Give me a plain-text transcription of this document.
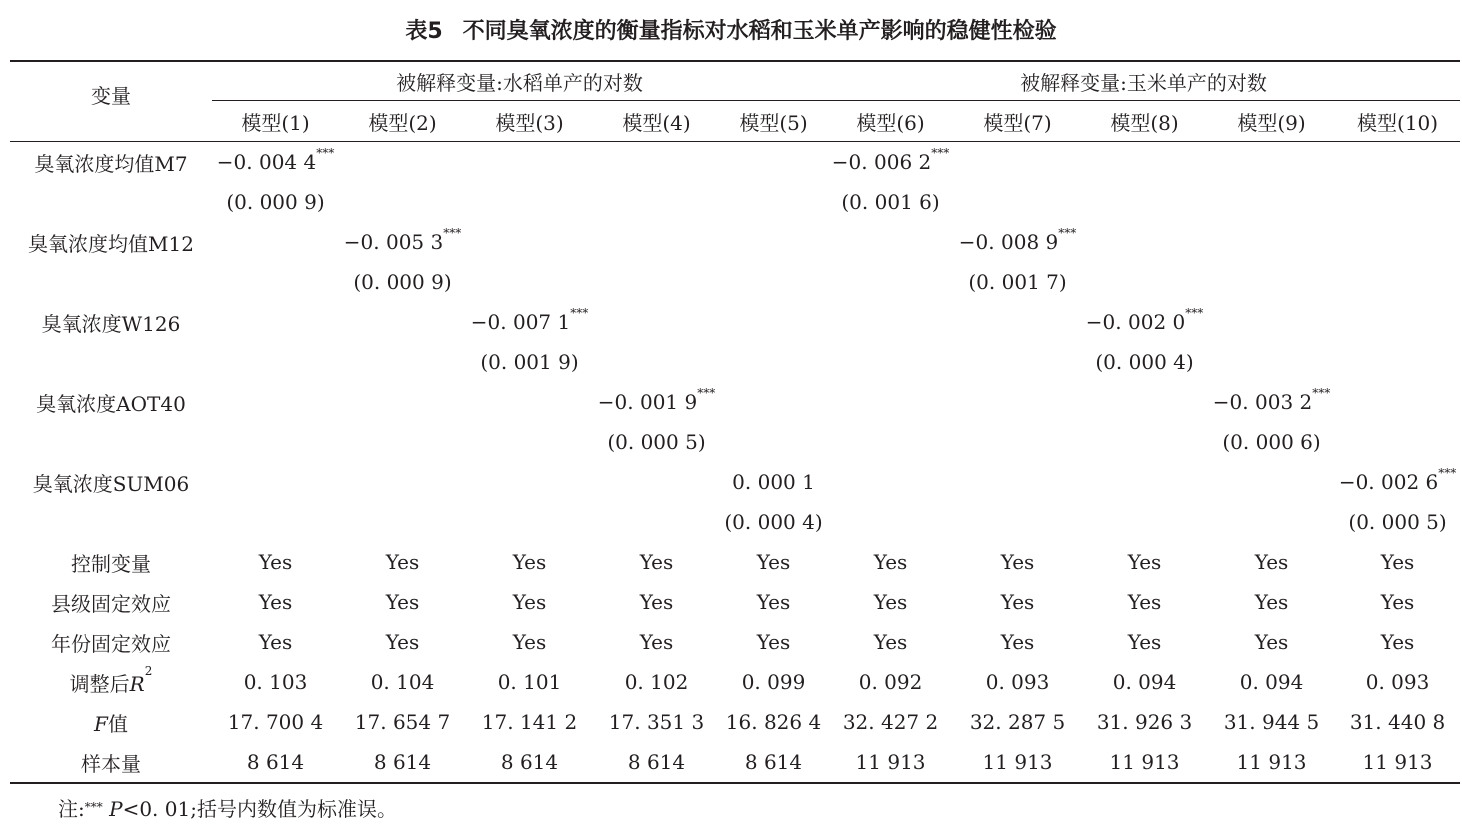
表5 不同臭氧浓度的衡量指标对水稻和玉米单产影响的稳健性检验
变量	被解释变量:水稻单产的对数					被解释变量:玉米单产的对数				
	模型(1)	模型(2)	模型(3)	模型(4)	模型(5)	模型(6)	模型(7)	模型(8)	模型(9)	模型(10)
臭氧浓度均值M7	−0. 004 4***					−0. 006 2***				
	(0. 000 9)					(0. 001 6)				
臭氧浓度均值M12		−0. 005 3***					−0. 008 9***			
		(0. 000 9)					(0. 001 7)			
臭氧浓度W126			−0. 007 1***					−0. 002 0***		
			(0. 001 9)					(0. 000 4)		
臭氧浓度AOT40				−0. 001 9***					−0. 003 2***	
				(0. 000 5)					(0. 000 6)	
臭氧浓度SUM06					0. 000 1					−0. 002 6***
					(0. 000 4)					(0. 000 5)
控制变量	Yes	Yes	Yes	Yes	Yes	Yes	Yes	Yes	Yes	Yes
县级固定效应	Yes	Yes	Yes	Yes	Yes	Yes	Yes	Yes	Yes	Yes
年份固定效应	Yes	Yes	Yes	Yes	Yes	Yes	Yes	Yes	Yes	Yes
调整后$R^2$	0. 103	0. 104	0. 101	0. 102	0. 099	0. 092	0. 093	0. 094	0. 094	0. 093
F值	17. 700 4	17. 654 7	17. 141 2	17. 351 3	16. 826 4	32. 427 2	32. 287 5	31. 926 3	31. 944 5	31. 440 8
样本量	8 614	8 614	8 614	8 614	8 614	11 913	11 913	11 913	11 913	11 913
注:*** P<0. 01;括号内数值为标准误。
